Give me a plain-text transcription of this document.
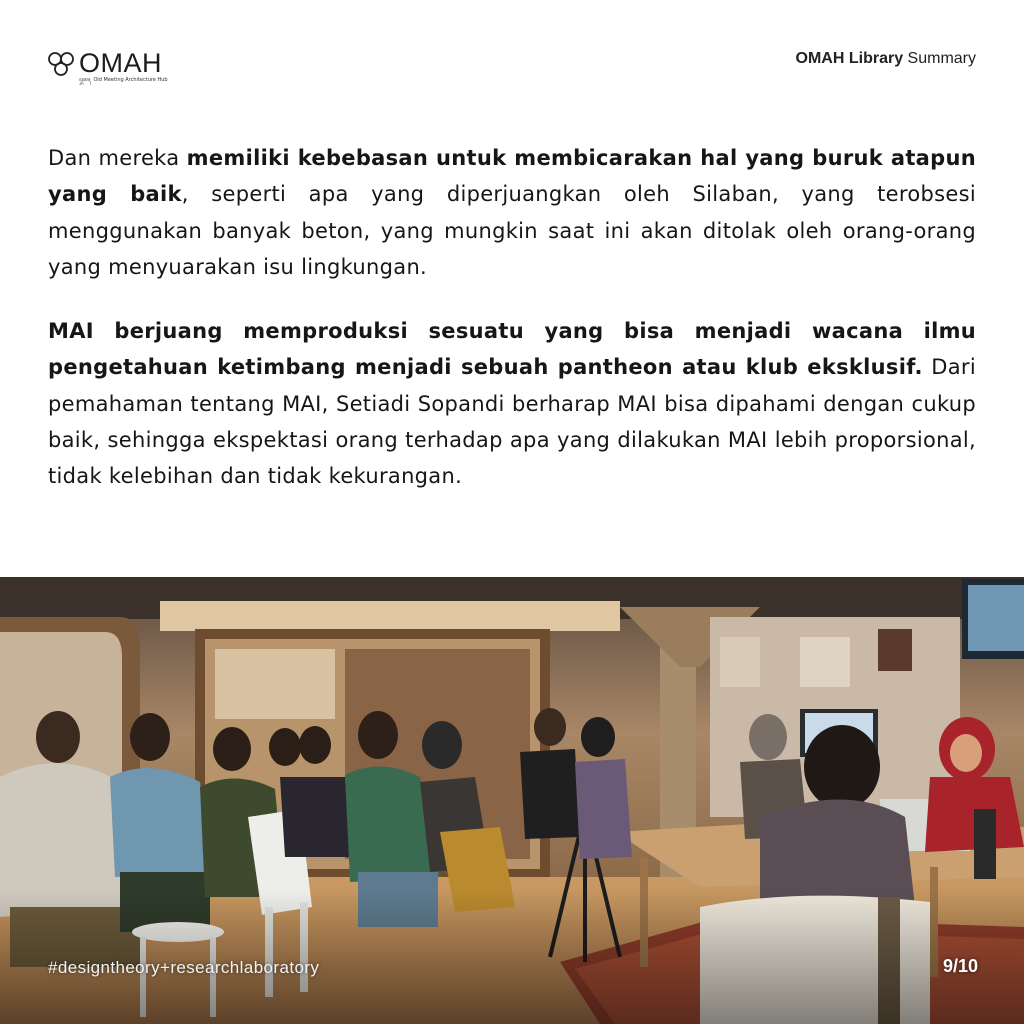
OMAH
ꦎꦩꦃ Old Meeting Architecture Hub
OMAH Library Summary
Dan mereka memiliki kebebasan untuk membicarakan hal yang buruk atapun yang baik, seperti apa yang diperjuangkan oleh Silaban, yang terobsesi menggunakan banyak beton, yang mungkin saat ini akan ditolak oleh orang-orang yang menyuarakan isu lingkungan.
MAI berjuang memproduksi sesuatu yang bisa menjadi wacana ilmu pengetahuan ketimbang menjadi sebuah pantheon atau klub eksklusif. Dari pemahaman tentang MAI, Setiadi Sopandi berharap MAI bisa dipahami dengan cukup baik, sehingga ekspektasi orang terhadap apa yang dilakukan MAI lebih proporsional, tidak kelebihan dan tidak kekurangan.
#designtheory+researchlaboratory	9/10
